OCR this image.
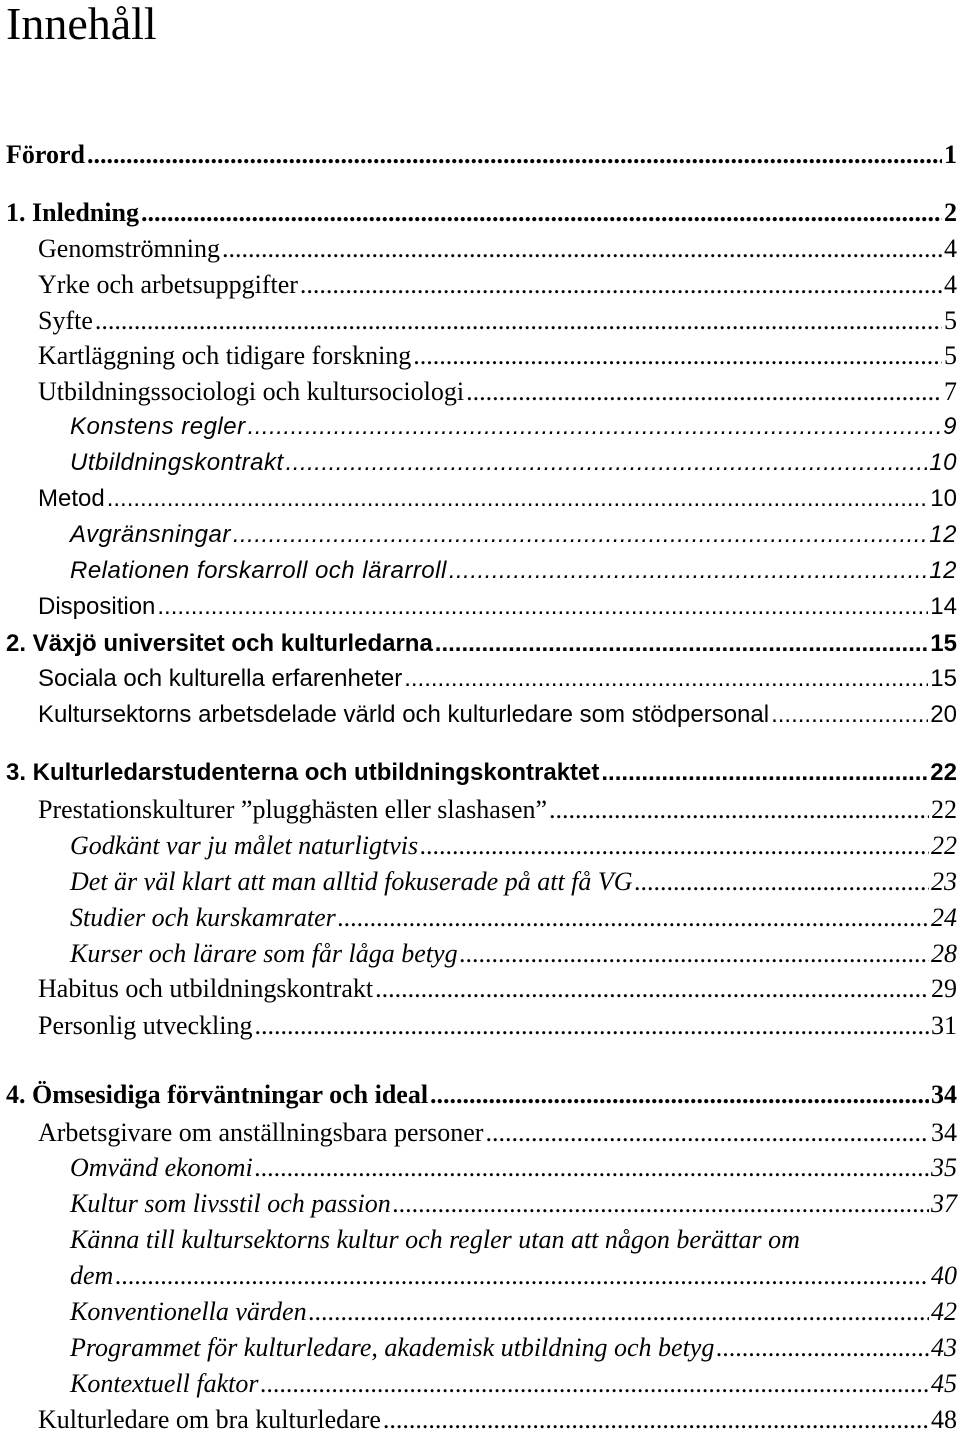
Innehåll
Förord .....	1
1. Inledning .....	2
Genomströmning .....	4
Yrke och arbetsuppgifter .....	4
Syfte .....	5
Kartläggning och tidigare forskning .....	5
Utbildningssociologi och kultursociologi .....	7
Konstens regler .....	9
Utbildningskontrakt .....	10
Metod .....	10
Avgränsningar .....	12
Relationen forskarroll och lärarroll .....	12
Disposition .....	14
2. Växjö universitet och kulturledarna .....	15
Sociala och kulturella erfarenheter .....	15
Kultursektorns arbetsdelade värld och kulturledare som stödpersonal .....	20
3. Kulturledarstudenterna och utbildningskontraktet .....	22
Prestationskulturer ”plugghästen eller slashasen” .....	22
Godkänt var ju målet naturligtvis .....	22
Det är väl klart att man alltid fokuserade på att få VG .....	23
Studier och kurskamrater .....	24
Kurser och lärare som får låga betyg .....	28
Habitus och utbildningskontrakt .....	29
Personlig utveckling .....	31
4. Ömsesidiga förväntningar och ideal .....	34
Arbetsgivare om anställningsbara personer .....	34
Omvänd ekonomi .....	35
Kultur som livsstil och passion .....	37
Känna till kultursektorns kultur och regler utan att någon berättar om
dem .....	40
Konventionella värden .....	42
Programmet för kulturledare, akademisk utbildning och betyg .....	43
Kontextuell faktor .....	45
Kulturledare om bra kulturledare .....	48
